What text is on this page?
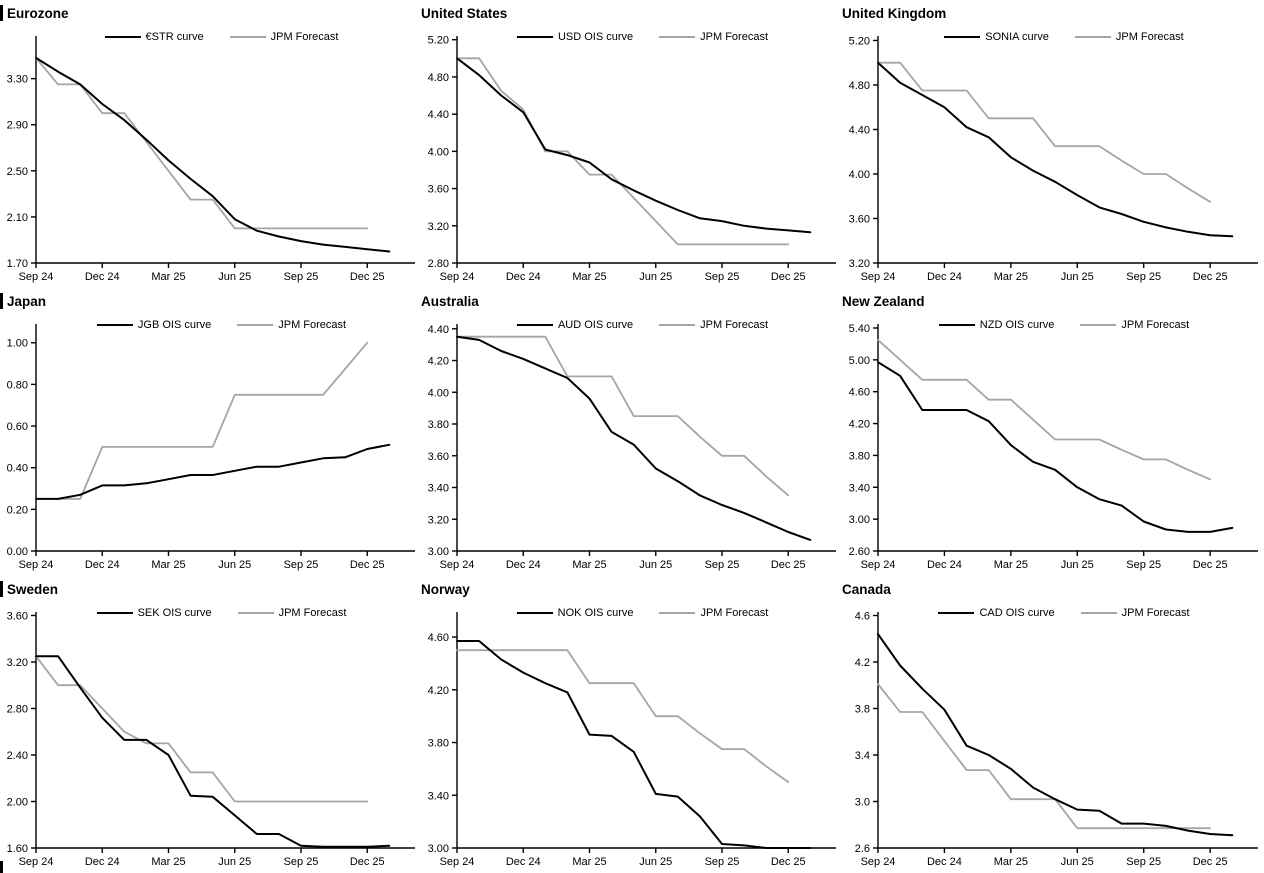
Eurozone
€STR curve	JPM Forecast
1.70
2.10
2.50
2.90
3.30
Sep 24	Dec 24	Mar 25	Jun 25	Sep 25	Dec 25
United States
USD OIS curve	JPM Forecast
2.80
3.20
3.60
4.00
4.40
4.80
5.20
Sep 24	Dec 24	Mar 25	Jun 25	Sep 25	Dec 25
United Kingdom
SONIA curve	JPM Forecast
3.20
3.60
4.00
4.40
4.80
5.20
Sep 24	Dec 24	Mar 25	Jun 25	Sep 25	Dec 25
Japan
JGB OIS curve	JPM Forecast
0.00
0.20
0.40
0.60
0.80
1.00
Sep 24	Dec 24	Mar 25	Jun 25	Sep 25	Dec 25
Australia
AUD OIS curve	JPM Forecast
3.00
3.20
3.40
3.60
3.80
4.00
4.20
4.40
Sep 24	Dec 24	Mar 25	Jun 25	Sep 25	Dec 25
New Zealand
NZD OIS curve	JPM Forecast
2.60
3.00
3.40
3.80
4.20
4.60
5.00
5.40
Sep 24	Dec 24	Mar 25	Jun 25	Sep 25	Dec 25
Sweden
SEK OIS curve	JPM Forecast
1.60
2.00
2.40
2.80
3.20
3.60
Sep 24	Dec 24	Mar 25	Jun 25	Sep 25	Dec 25
Norway
NOK OIS curve	JPM Forecast
3.00
3.40
3.80
4.20
4.60
Sep 24	Dec 24	Mar 25	Jun 25	Sep 25	Dec 25
Canada
CAD OIS curve	JPM Forecast
2.6
3.0
3.4
3.8
4.2
4.6
Sep 24	Dec 24	Mar 25	Jun 25	Sep 25	Dec 25
